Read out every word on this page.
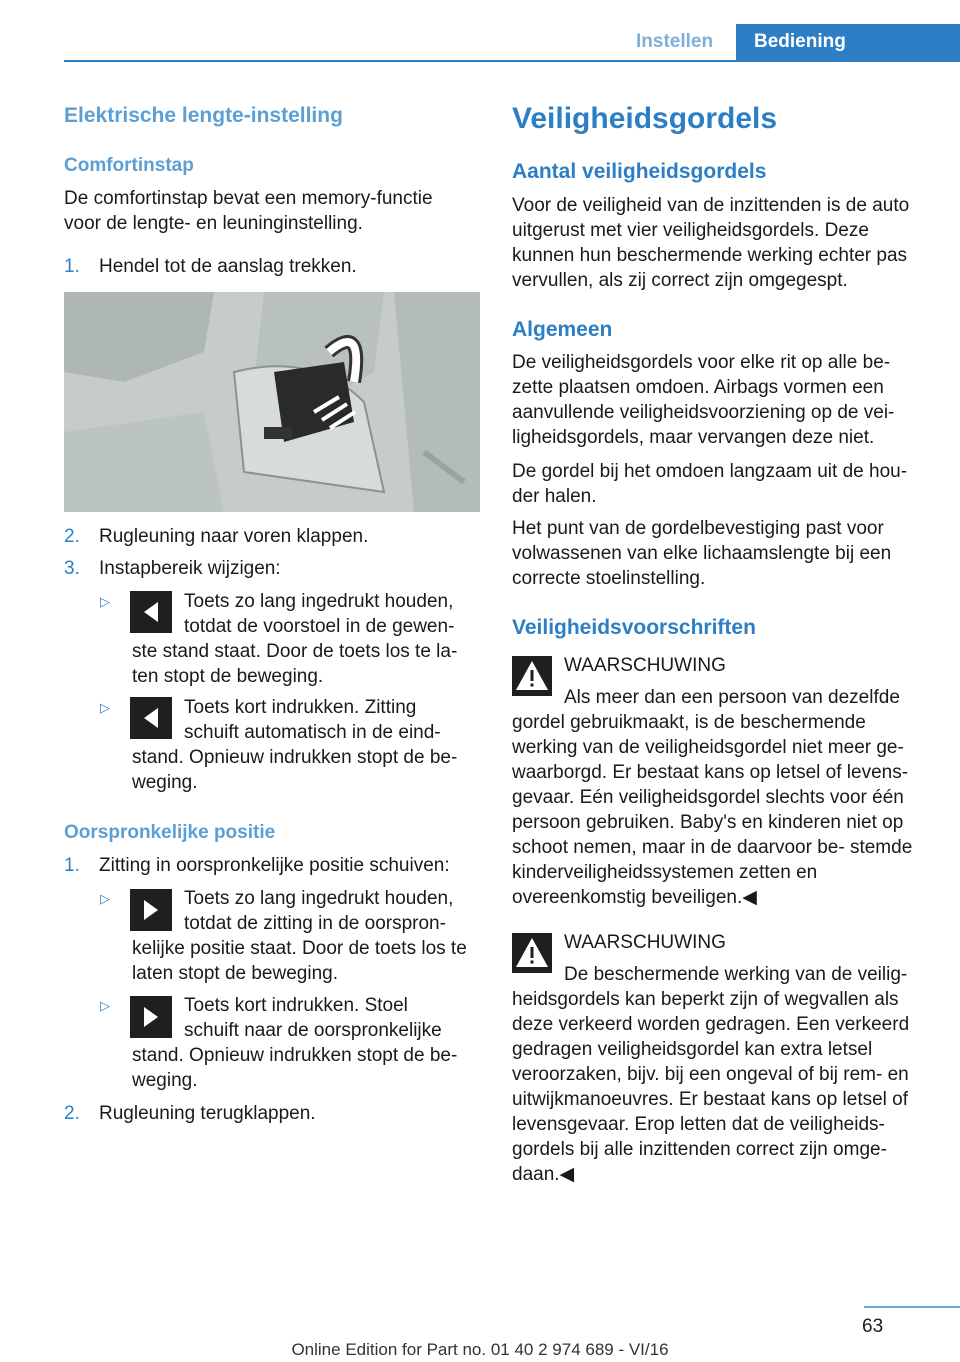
Instellen	Bediening
Elektrische lengte-instelling
Comfortinstap

De comfortinstap bevat een memory-functie voor de lengte- en leuninginstelling.

1.	Hendel tot de aanslag trekken.
2.	Rugleuning naar voren klappen.
3.	Instapbereik wijzigen:
▷	Toets zo lang ingedrukt houden,
totdat de voorstoel in de gewen-

ste stand staat. Door de toets los te la- ten stopt de beweging.

▷	Toets kort indrukken. Zitting
schuift automatisch in de eind-

stand. Opnieuw indrukken stopt de be- weging.

Oorspronkelijke positie
1.	Zitting in oorspronkelijke positie schuiven:
▷	Toets zo lang ingedrukt houden,
totdat de zitting in de oorspron-

kelijke positie staat. Door de toets los te laten stopt de beweging.

▷	Toets kort indrukken. Stoel
schuift naar de oorspronkelijke

stand. Opnieuw indrukken stopt de be- weging.

2.	Rugleuning terugklappen.
Veiligheidsgordels
Aantal veiligheidsgordels

Voor de veiligheid van de inzittenden is de auto uitgerust met vier veiligheidsgordels. Deze kunnen hun beschermende werking echter pas vervullen, als zij correct zijn omgegespt.

Algemeen

De veiligheidsgordels voor elke rit op alle be- zette plaatsen omdoen. Airbags vormen een aanvullende veiligheidsvoorziening op de vei- ligheidsgordels, maar vervangen deze niet.

De gordel bij het omdoen langzaam uit de hou- der halen.

Het punt van de gordelbevestiging past voor volwassenen van elke lichaamslengte bij een correcte stoelinstelling.

Veiligheidsvoorschriften
WAARSCHUWING
Als meer dan een persoon van dezelfde

gordel gebruikmaakt, is de beschermende werking van de veiligheidsgordel niet meer ge- waarborgd. Er bestaat kans op letsel of levens- gevaar. Eén veiligheidsgordel slechts voor één persoon gebruiken. Baby's en kinderen niet op schoot nemen, maar in de daarvoor be- stemde kinderveiligheidssystemen zetten en overeenkomstig beveiligen.◀

WAARSCHUWING
De beschermende werking van de veilig-

heidsgordels kan beperkt zijn of wegvallen als deze verkeerd worden gedragen. Een verkeerd gedragen veiligheidsgordel kan extra letsel veroorzaken, bijv. bij een ongeval of bij rem- en uitwijkmanoeuvres. Er bestaat kans op letsel of levensgevaar. Erop letten dat de veiligheids- gordels bij alle inzittenden correct zijn omge- daan.◀

63
Online Edition for Part no. 01 40 2 974 689 - VI/16
